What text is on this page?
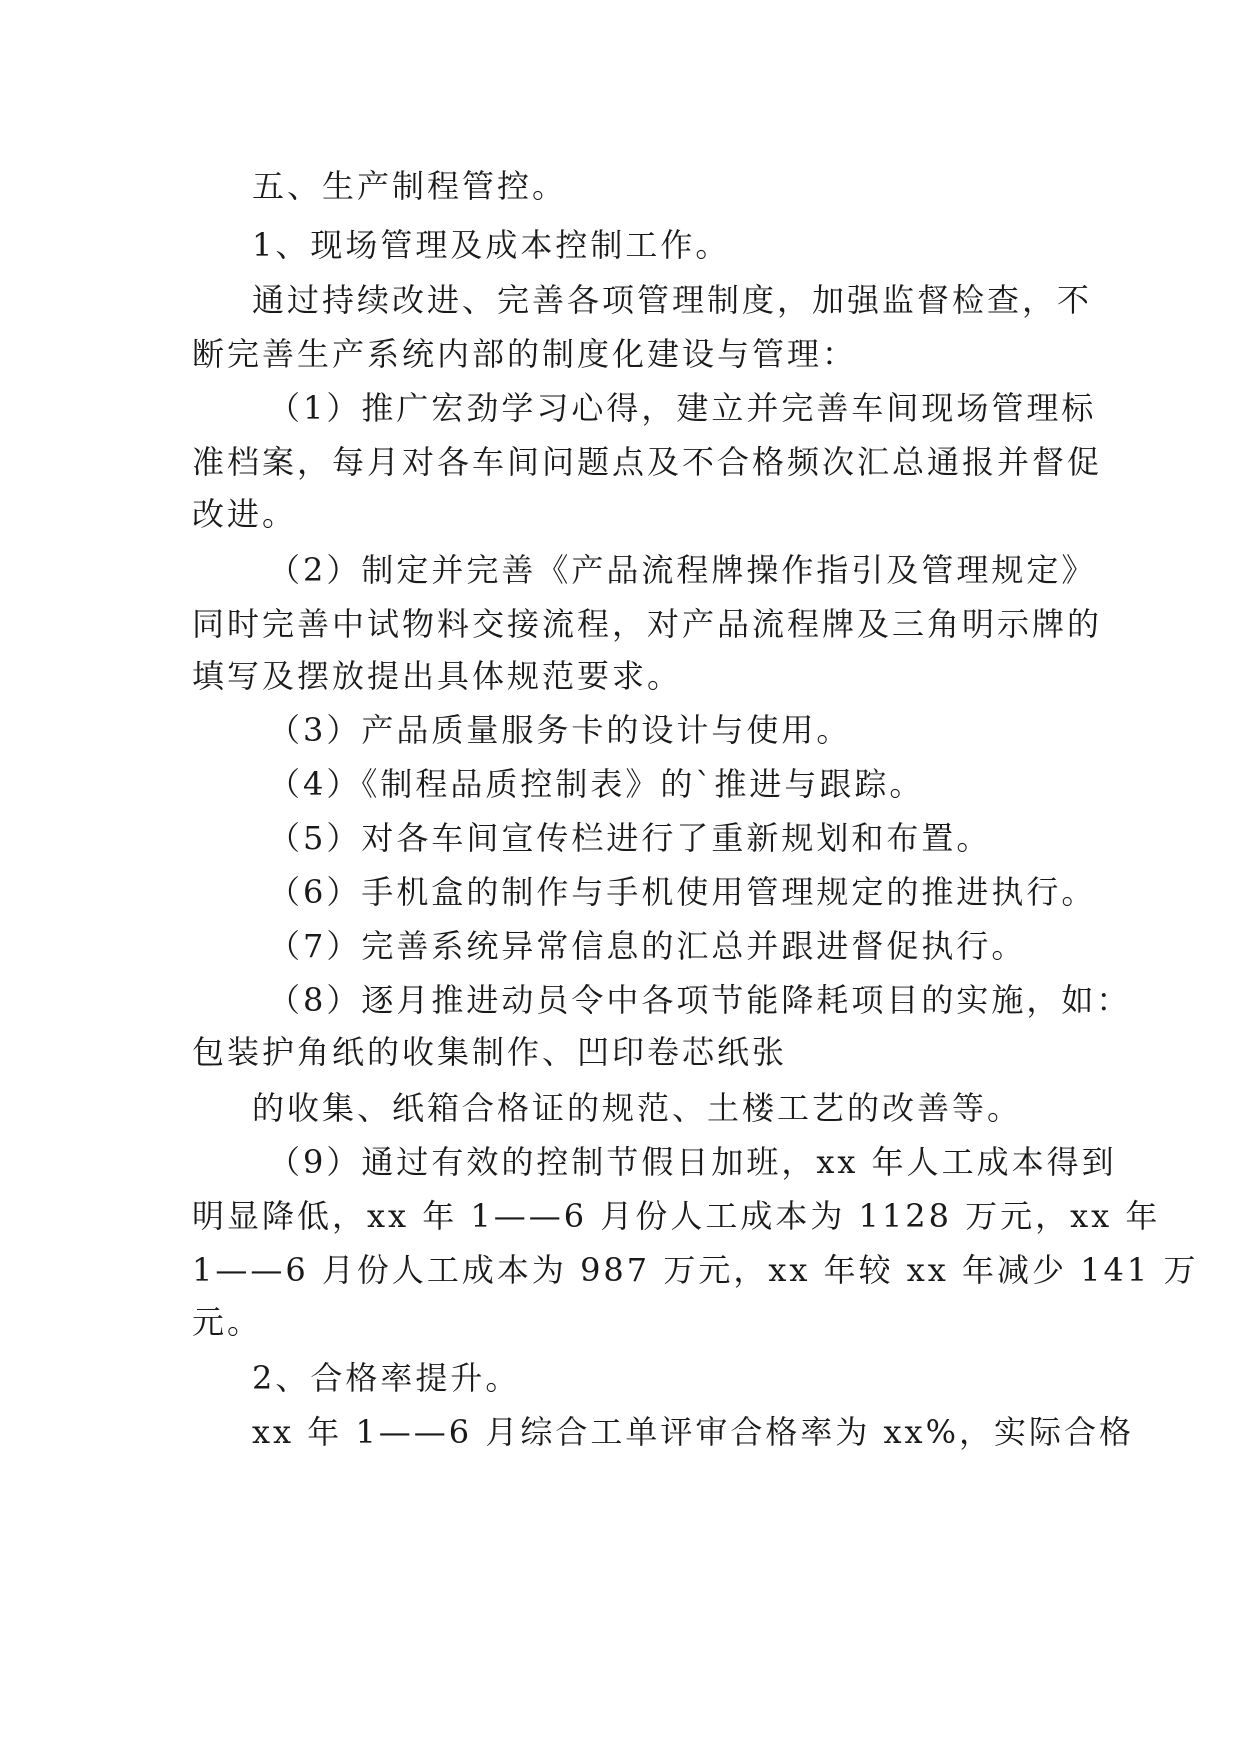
五、生产制程管控。
1、现场管理及成本控制工作。
通过持续改进、完善各项管理制度，加强监督检查，不
断完善生产系统内部的制度化建设与管理：
（1）推广宏劲学习心得，建立并完善车间现场管理标
准档案，每月对各车间问题点及不合格频次汇总通报并督促
改进。
（2）制定并完善《产品流程牌操作指引及管理规定》
同时完善中试物料交接流程，对产品流程牌及三角明示牌的
填写及摆放提出具体规范要求。
（3）产品质量服务卡的设计与使用。
（4）《制程品质控制表》的`推进与跟踪。
（5）对各车间宣传栏进行了重新规划和布置。
（6）手机盒的制作与手机使用管理规定的推进执行。
（7）完善系统异常信息的汇总并跟进督促执行。
（8）逐月推进动员令中各项节能降耗项目的实施，如：
包装护角纸的收集制作、凹印卷芯纸张
的收集、纸箱合格证的规范、土楼工艺的改善等。
（9）通过有效的控制节假日加班，xx 年人工成本得到
明显降低，xx 年 1——6 月份人工成本为 1128 万元，xx 年
1——6 月份人工成本为 987 万元，xx 年较 xx 年减少 141 万
元。
2、合格率提升。
xx 年 1——6 月综合工单评审合格率为 xx%，实际合格
